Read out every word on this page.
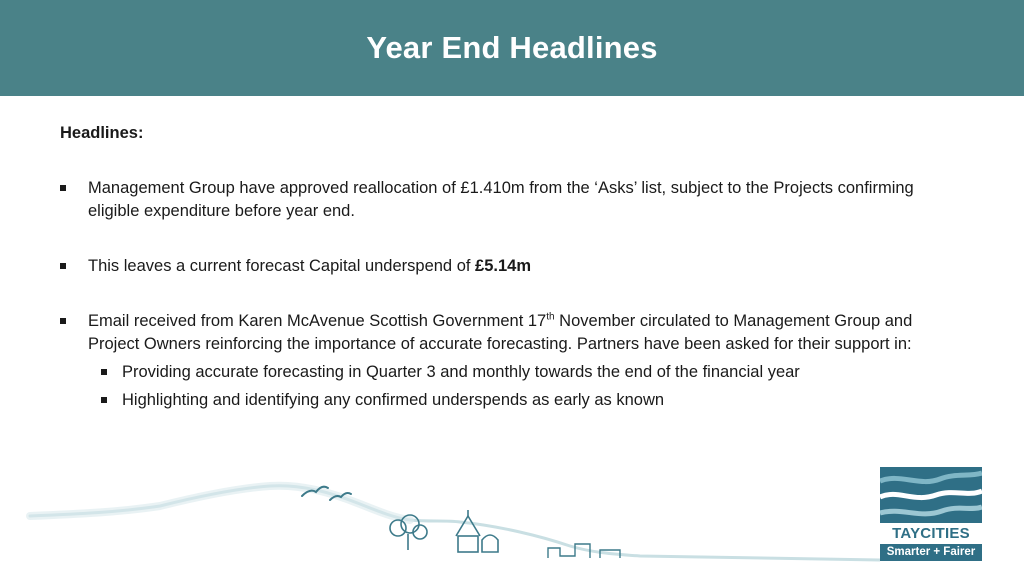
Year End Headlines
Headlines:
Management Group have approved reallocation of £1.410m from the ‘Asks’ list, subject to the Projects confirming eligible expenditure before year end.
This leaves a current forecast Capital underspend of £5.14m
Email received from Karen McAvenue Scottish Government 17th November circulated to Management Group and Project Owners reinforcing the importance of accurate forecasting. Partners have been asked for their support in:
Providing accurate forecasting in Quarter 3 and monthly towards the end of the financial year
Highlighting and identifying any confirmed underspends as early as known
TAYCITIES
Smarter + Fairer
